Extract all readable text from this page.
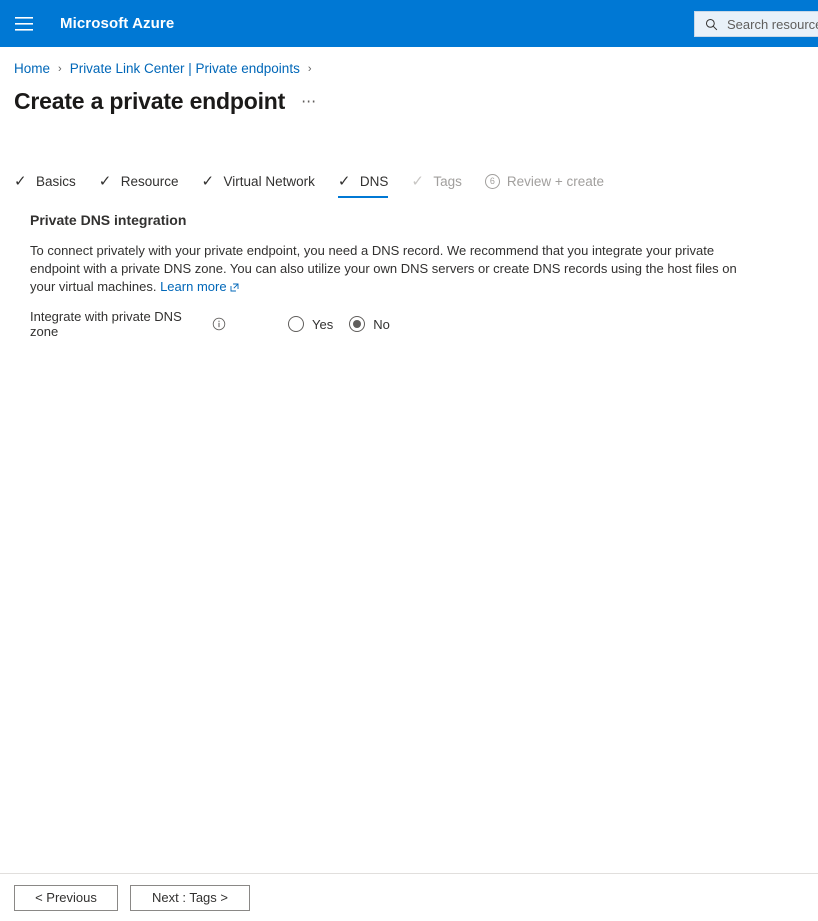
Microsoft Azure
Search resources
Home › Private Link Center | Private endpoints ›
Create a private endpoint ⋯
✓ Basics ✓ Resource ✓ Virtual Network ✓ DNS ✓ Tags	6 Review + create
Private DNS integration
To connect privately with your private endpoint, you need a DNS record. We recommend that you integrate your private endpoint with a private DNS zone. You can also utilize your own DNS servers or create DNS records using the host files on your virtual machines. Learn more
Integrate with private DNS zone	Yes	No
< Previous	Next : Tags >
